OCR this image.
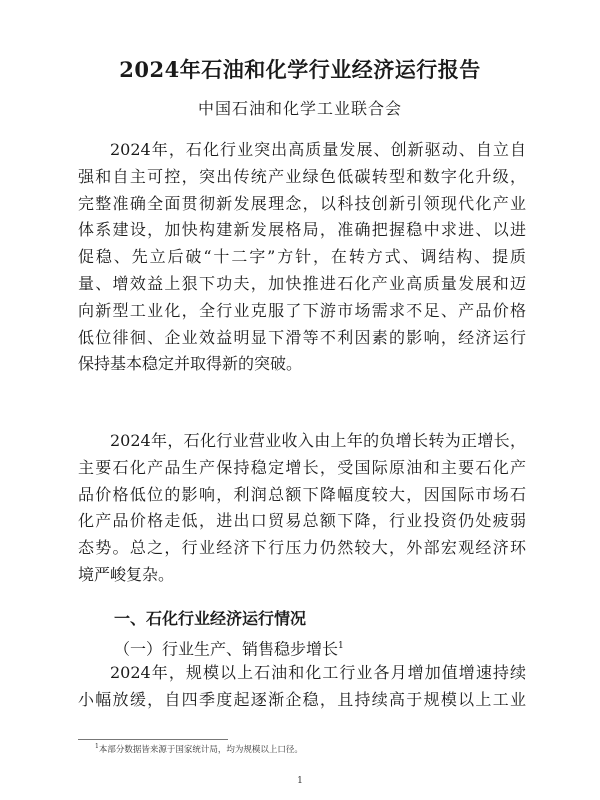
2024年石油和化学行业经济运行报告
中国石油和化学工业联合会
2024年，石化行业突出高质量发展、创新驱动、自立自
强和自主可控，突出传统产业绿色低碳转型和数字化升级，
完整准确全面贯彻新发展理念，以科技创新引领现代化产业
体系建设，加快构建新发展格局，准确把握稳中求进、以进
促稳、先立后破“十二字”方针，在转方式、调结构、提质
量、增效益上狠下功夫，加快推进石化产业高质量发展和迈
向新型工业化，全行业克服了下游市场需求不足、产品价格
低位徘徊、企业效益明显下滑等不利因素的影响，经济运行
保持基本稳定并取得新的突破。
2024年，石化行业营业收入由上年的负增长转为正增长，
主要石化产品生产保持稳定增长，受国际原油和主要石化产
品价格低位的影响，利润总额下降幅度较大，因国际市场石
化产品价格走低，进出口贸易总额下降，行业投资仍处疲弱
态势。总之，行业经济下行压力仍然较大，外部宏观经济环
境严峻复杂。
一、石化行业经济运行情况
（一）行业生产、销售稳步增长$^1$
2024年，规模以上石油和化工行业各月增加值增速持续
小幅放缓，自四季度起逐渐企稳，且持续高于规模以上工业
$^1$本部分数据皆来源于国家统计局，均为规模以上口径。
1
